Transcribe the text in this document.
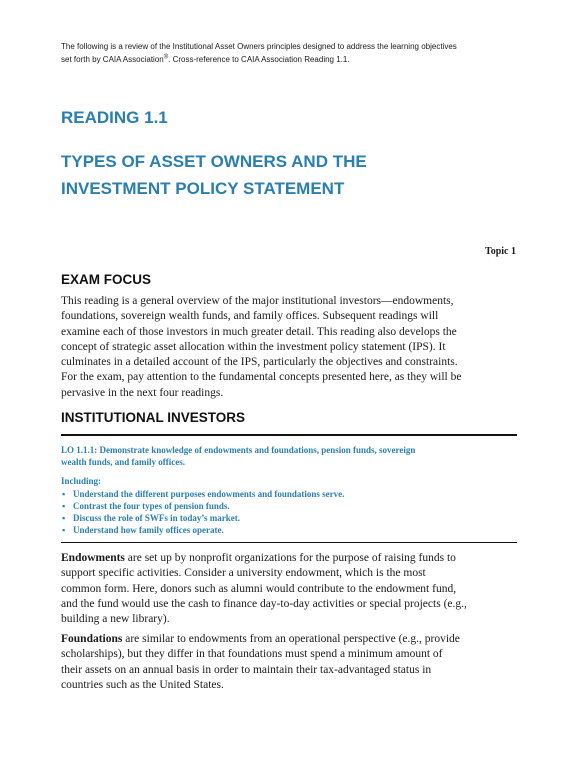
The following is a review of the Institutional Asset Owners principles designed to address the learning objectives
set forth by CAIA Association®. Cross-reference to CAIA Association Reading 1.1.
READING 1.1
TYPES OF ASSET OWNERS AND THE
INVESTMENT POLICY STATEMENT
Topic 1
EXAM FOCUS
This reading is a general overview of the major institutional investors—endowments,
foundations, sovereign wealth funds, and family offices. Subsequent readings will
examine each of those investors in much greater detail. This reading also develops the
concept of strategic asset allocation within the investment policy statement (IPS). It
culminates in a detailed account of the IPS, particularly the objectives and constraints.
For the exam, pay attention to the fundamental concepts presented here, as they will be
pervasive in the next four readings.
INSTITUTIONAL INVESTORS
LO 1.1.1: Demonstrate knowledge of endowments and foundations, pension funds, sovereign
wealth funds, and family offices.
Including:
▪ Understand the different purposes endowments and foundations serve.
▪ Contrast the four types of pension funds.
▪ Discuss the role of SWFs in today’s market.
▪ Understand how family offices operate.
Endowments are set up by nonprofit organizations for the purpose of raising funds to
support specific activities. Consider a university endowment, which is the most
common form. Here, donors such as alumni would contribute to the endowment fund,
and the fund would use the cash to finance day-to-day activities or special projects (e.g.,
building a new library).
Foundations are similar to endowments from an operational perspective (e.g., provide
scholarships), but they differ in that foundations must spend a minimum amount of
their assets on an annual basis in order to maintain their tax-advantaged status in
countries such as the United States.
